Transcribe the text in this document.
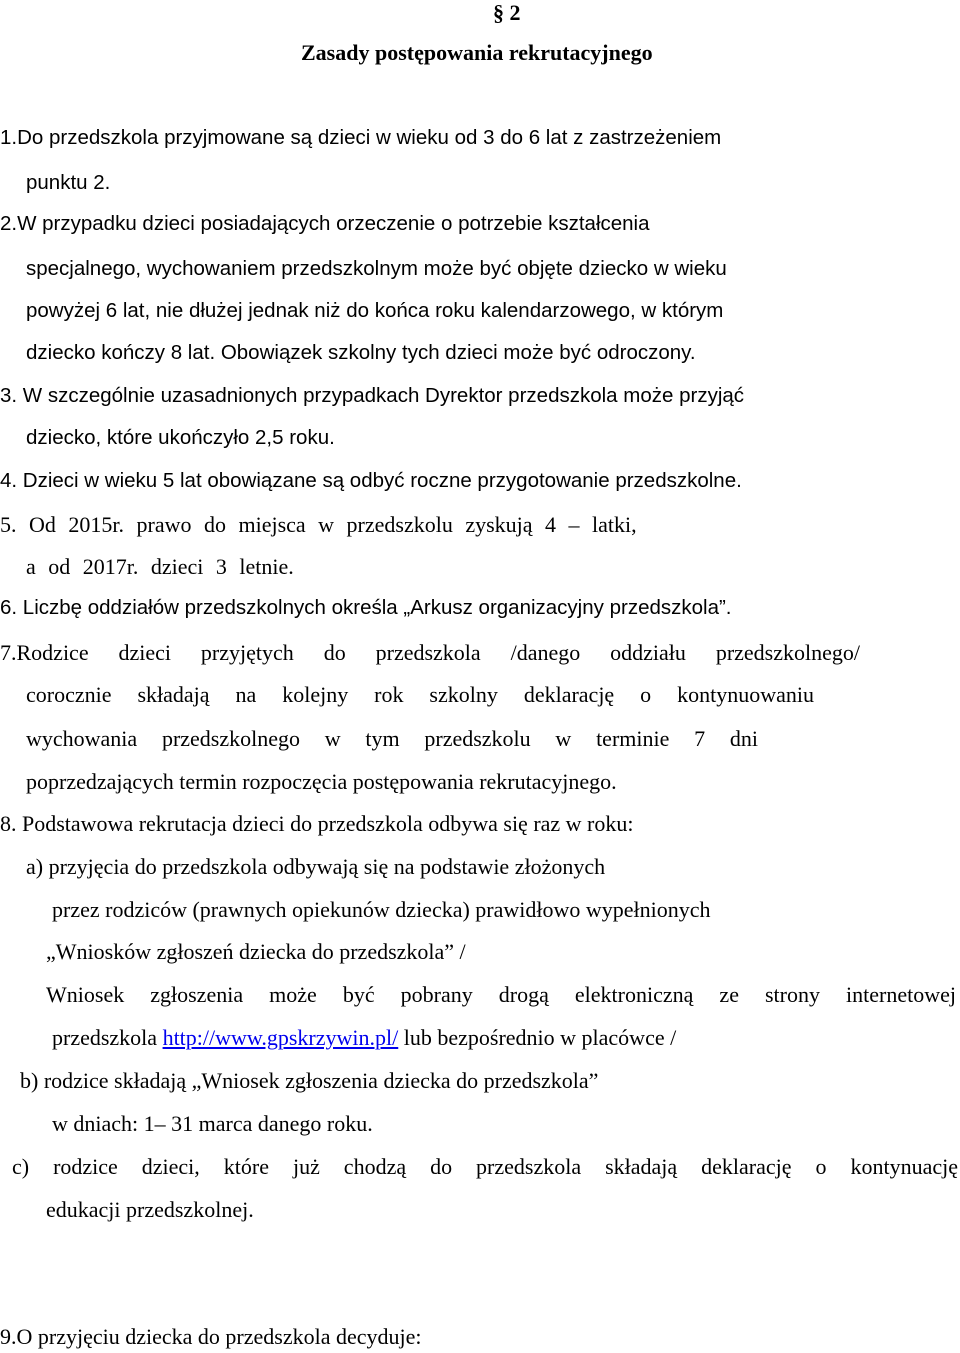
§ 2
Zasady postępowania rekrutacyjnego
1.Do przedszkola przyjmowane są dzieci w wieku od 3 do 6 lat z zastrzeżeniem
punktu 2.
2.W przypadku dzieci posiadających orzeczenie o potrzebie kształcenia
specjalnego, wychowaniem przedszkolnym może być objęte dziecko w wieku
powyżej 6 lat, nie dłużej jednak niż do końca roku kalendarzowego, w którym
dziecko kończy 8 lat. Obowiązek szkolny tych dzieci może być odroczony.
3. W szczególnie uzasadnionych przypadkach Dyrektor przedszkola może przyjąć
dziecko, które ukończyło 2,5 roku.
4. Dzieci w wieku 5 lat obowiązane są odbyć roczne przygotowanie przedszkolne.
5. Od 2015r. prawo do miejsca w przedszkolu zyskują 4 – latki,
a od 2017r. dzieci 3 letnie.
6. Liczbę oddziałów przedszkolnych określa „Arkusz organizacyjny przedszkola”.
7.Rodzice dzieci przyjętych do przedszkola /danego oddziału przedszkolnego/
corocznie składają na kolejny rok szkolny deklarację o kontynuowaniu
wychowania przedszkolnego w tym przedszkolu w terminie 7 dni
poprzedzających termin rozpoczęcia postępowania rekrutacyjnego.
8. Podstawowa rekrutacja dzieci do przedszkola odbywa się raz w roku:
a) przyjęcia do przedszkola odbywają się na podstawie złożonych
przez rodziców (prawnych opiekunów dziecka) prawidłowo wypełnionych
„Wniosków zgłoszeń dziecka do przedszkola” /
Wniosek zgłoszenia może być pobrany drogą elektroniczną ze strony internetowej
przedszkola http://www.gpskrzywin.pl/ lub bezpośrednio w placówce /
b) rodzice składają „Wniosek zgłoszenia dziecka do przedszkola”
w dniach: 1– 31 marca danego roku.
c) rodzice dzieci, które już chodzą do przedszkola składają deklarację o kontynuację
edukacji przedszkolnej.
9.O przyjęciu dziecka do przedszkola decyduje:
